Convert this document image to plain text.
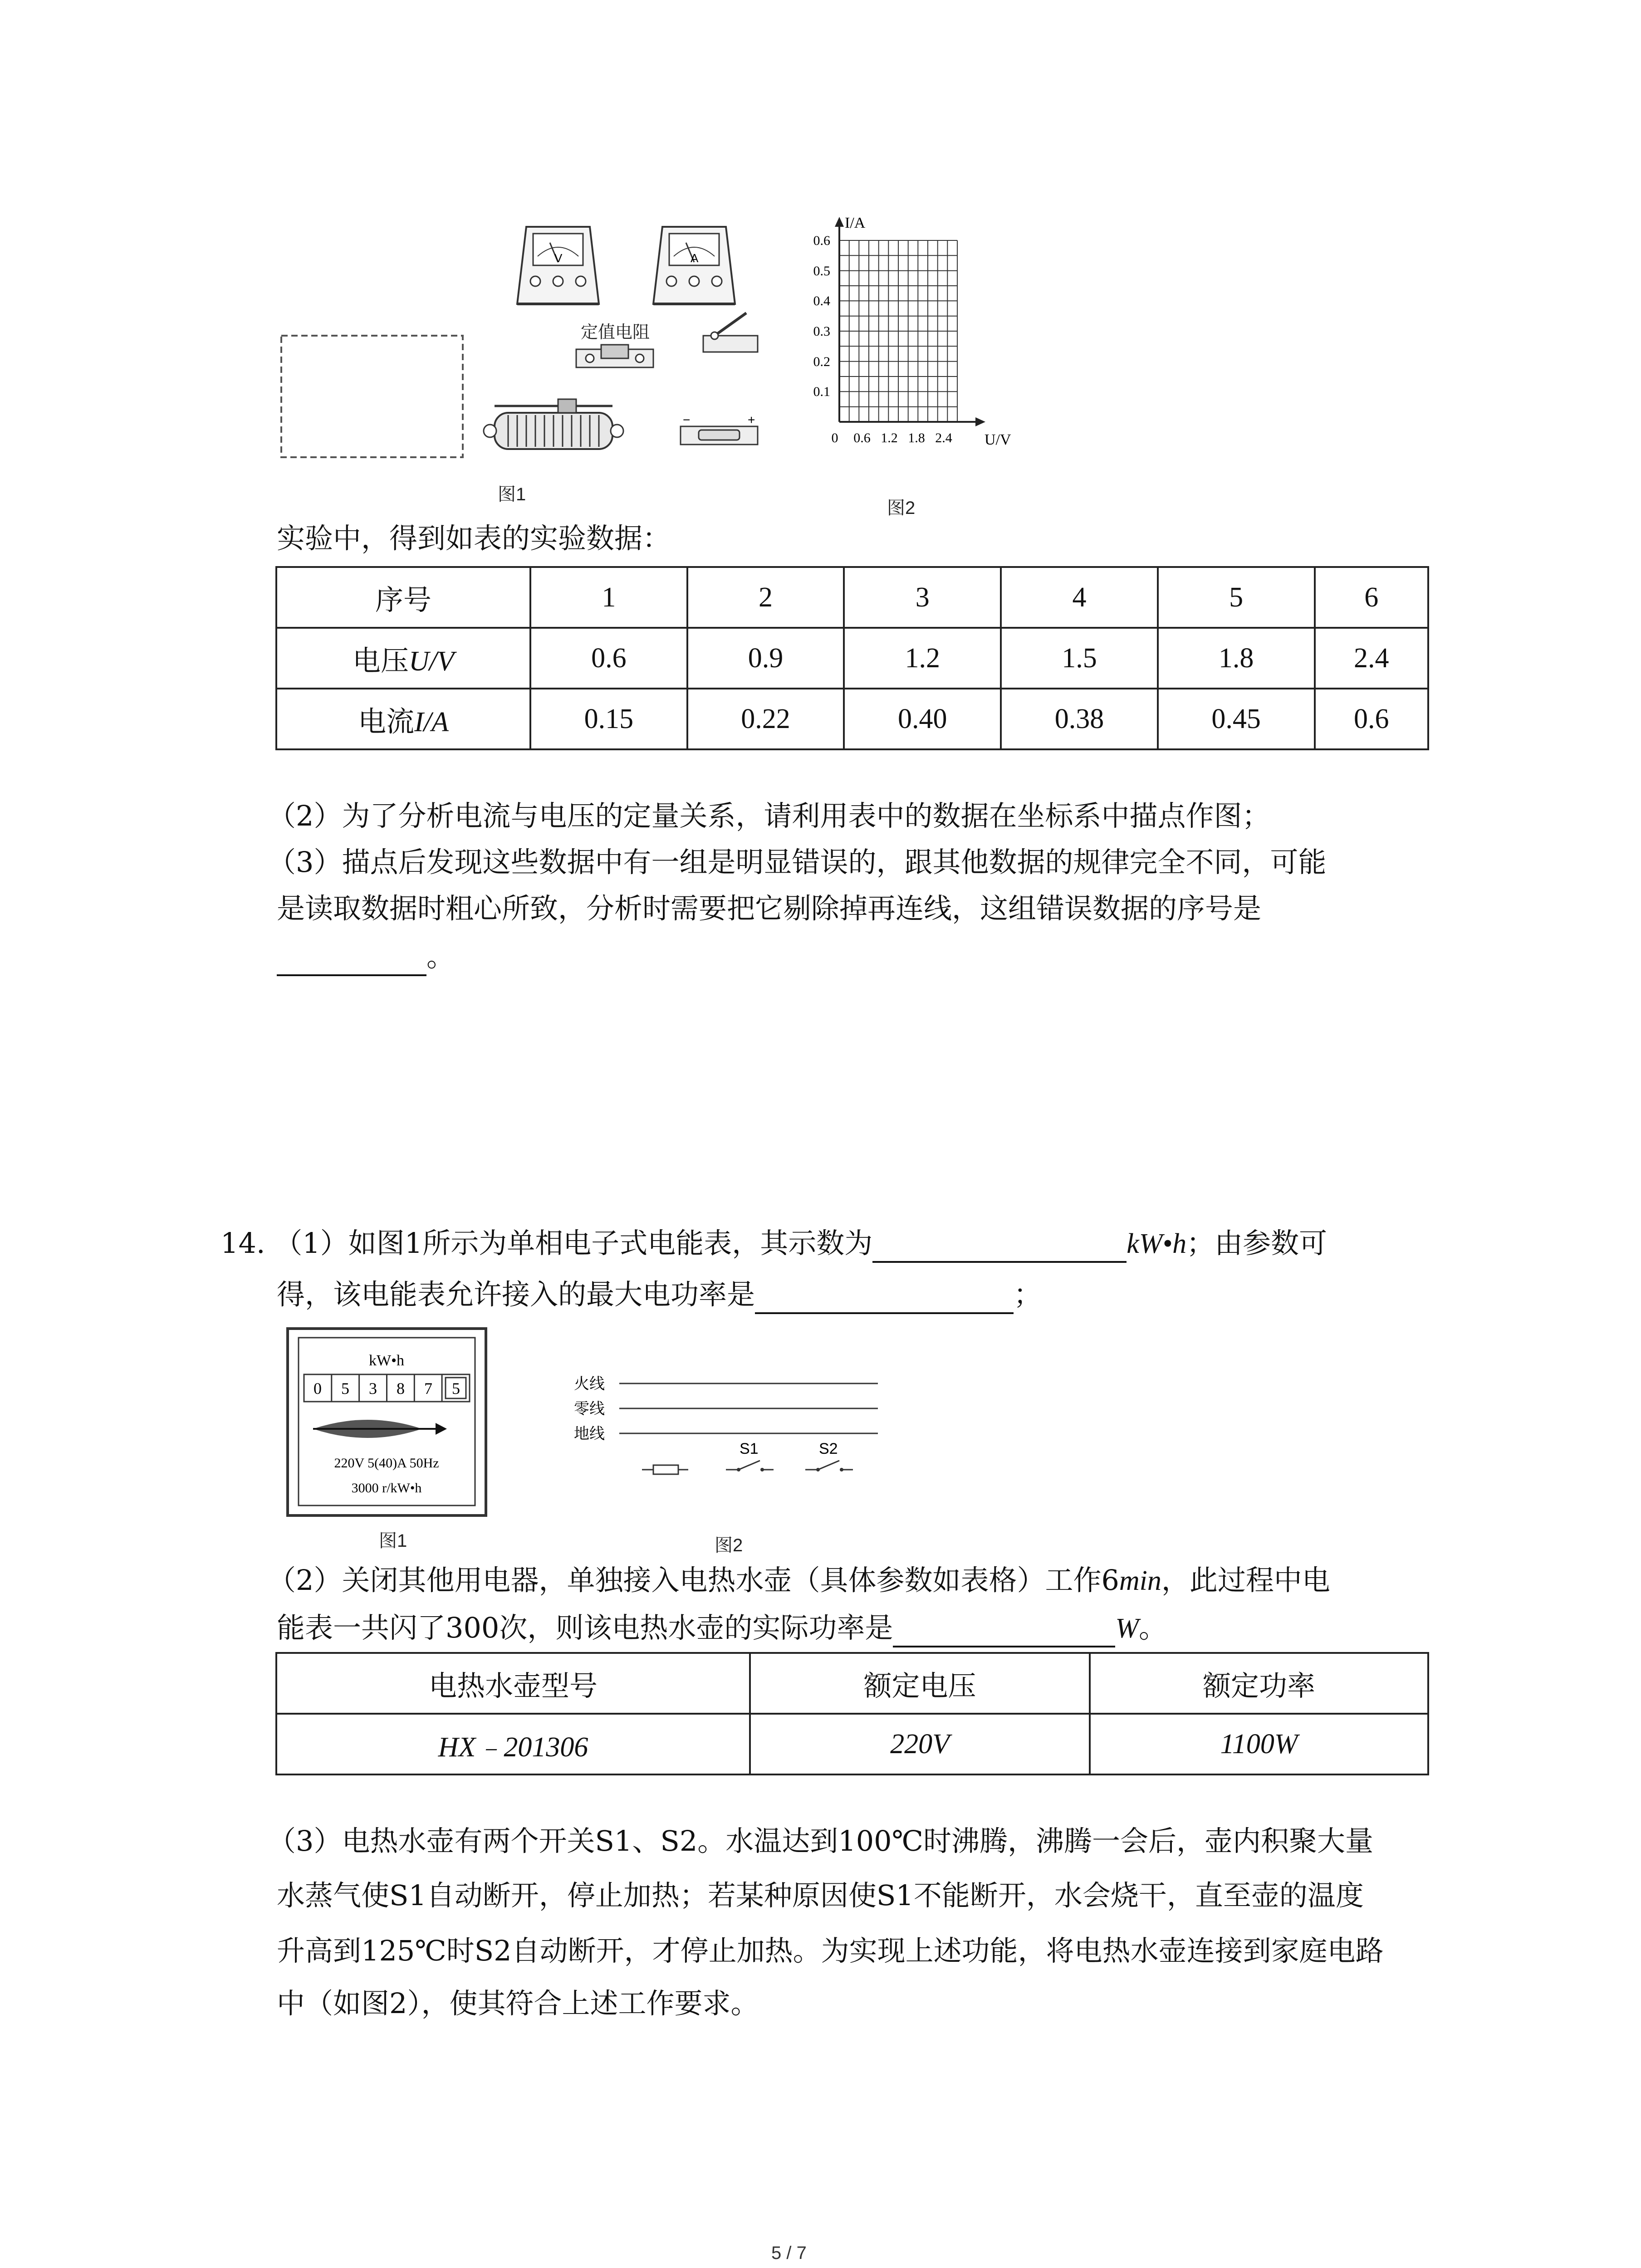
V	A
定值电阻
−	+
图1
I/A
U/V
0.6
0.5
0.4
0.3
0.2
0.1
0 0.6 1.2 1.8 2.4
图2
实验中，得到如表的实验数据：
序号	1	2	3	4	5	6
电压U/V	0.6	0.9	1.2	1.5	1.8	2.4
电流I/A	0.15	0.22	0.40	0.38	0.45	0.6
（2）为了分析电流与电压的定量关系，请利用表中的数据在坐标系中描点作图；
（3）描点后发现这些数据中有一组是明显错误的，跟其他数据的规律完全不同，可能
是读取数据时粗心所致，分析时需要把它剔除掉再连线，这组错误数据的序号是
。
14. （1）如图1所示为单相电子式电能表，其示数为	kW•h；由参数可
得，该电能表允许接入的最大电功率是	；
kW•h
0 5 3 8 7 5
220V 5(40)A 50Hz
3000 r/kW•h
图1
火线
零线
地线
S1	S2
图2
（2）关闭其他用电器，单独接入电热水壶（具体参数如表格）工作6min，此过程中电
能表一共闪了300次，则该电热水壶的实际功率是	W。
电热水壶型号	额定电压	额定功率
HX﹣201306	220V	1100W
（3）电热水壶有两个开关S1、S2。水温达到100℃时沸腾，沸腾一会后，壶内积聚大量
水蒸气使S1自动断开，停止加热；若某种原因使S1不能断开，水会烧干，直至壶的温度
升高到125℃时S2自动断开，才停止加热。为实现上述功能，将电热水壶连接到家庭电路
中（如图2），使其符合上述工作要求。
5 / 7
